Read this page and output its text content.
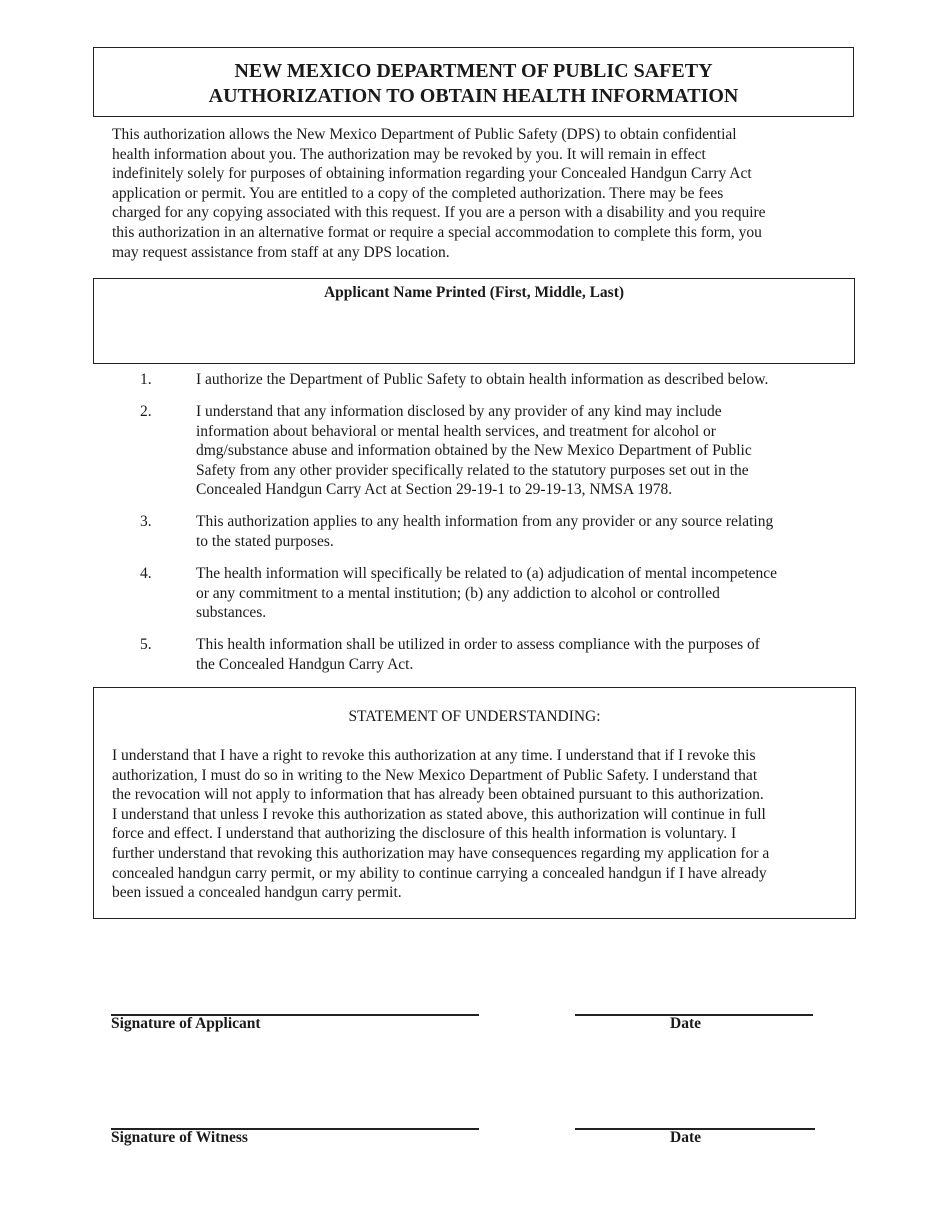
NEW MEXICO DEPARTMENT OF PUBLIC SAFETY
AUTHORIZATION TO OBTAIN HEALTH INFORMATION
This authorization allows the New Mexico Department of Public Safety (DPS) to obtain confidential
health information about you. The authorization may be revoked by you. It will remain in effect
indefinitely solely for purposes of obtaining information regarding your Concealed Handgun Carry Act
application or permit. You are entitled to a copy of the completed authorization. There may be fees
charged for any copying associated with this request. If you are a person with a disability and you require
this authorization in an alternative format or require a special accommodation to complete this form, you
may request assistance from staff at any DPS location.
Applicant Name Printed (First, Middle, Last)
1.	I authorize the Department of Public Safety to obtain health information as described below.
2.	I understand that any information disclosed by any provider of any kind may include
information about behavioral or mental health services, and treatment for alcohol or
dmg/substance abuse and information obtained by the New Mexico Department of Public
Safety from any other provider specifically related to the statutory purposes set out in the
Concealed Handgun Carry Act at Section 29-19-1 to 29-19-13, NMSA 1978.
3.	This authorization applies to any health information from any provider or any source relating
to the stated purposes.
4.	The health information will specifically be related to (a) adjudication of mental incompetence
or any commitment to a mental institution; (b) any addiction to alcohol or controlled
substances.
5.	This health information shall be utilized in order to assess compliance with the purposes of
the Concealed Handgun Carry Act.
STATEMENT OF UNDERSTANDING:
I understand that I have a right to revoke this authorization at any time. I understand that if I revoke this
authorization, I must do so in writing to the New Mexico Department of Public Safety. I understand that
the revocation will not apply to information that has already been obtained pursuant to this authorization.
I understand that unless I revoke this authorization as stated above, this authorization will continue in full
force and effect. I understand that authorizing the disclosure of this health information is voluntary. I
further understand that revoking this authorization may have consequences regarding my application for a
concealed handgun carry permit, or my ability to continue carrying a concealed handgun if I have already
been issued a concealed handgun carry permit.
Signature of Applicant	Date
Signature of Witness	Date
